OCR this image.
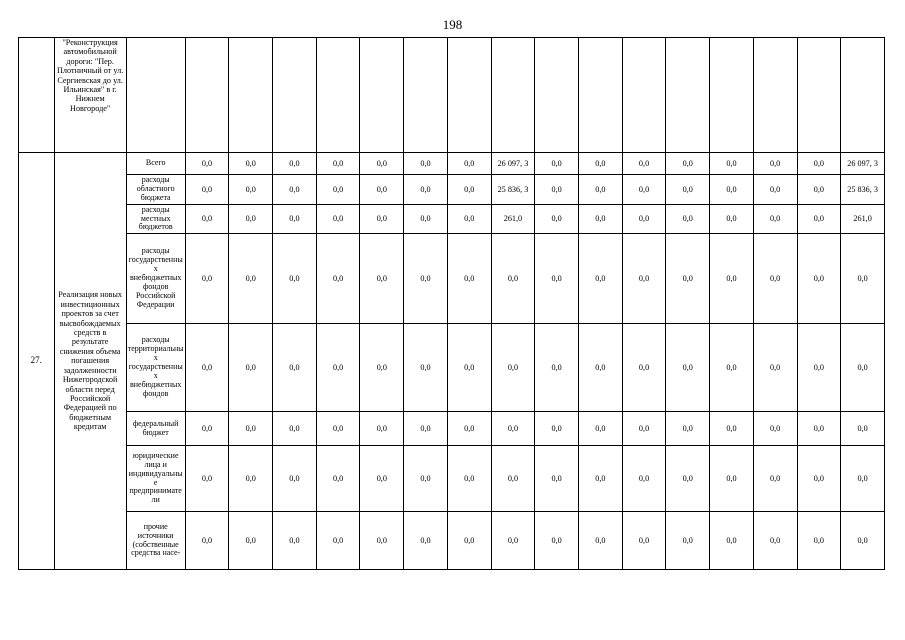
198
	"Реконструкция автомобильной дороги: "Пер. Плотничный от ул. Сергиевская до ул. Ильинская" в г. Нижнем Новгороде"																	
27.	Реализация новых инвестиционных проектов за счет высвобождаемых средств в результате снижения объема погашения задолженности Нижегородской области перед Российской Федерацией по бюджетным кредитам	Всего	0,0	0,0	0,0	0,0	0,0	0,0	0,0	26 097, 3	0,0	0,0	0,0	0,0	0,0	0,0	0,0	26 097, 3
		расходы областного бюджета	0,0	0,0	0,0	0,0	0,0	0,0	0,0	25 836, 3	0,0	0,0	0,0	0,0	0,0	0,0	0,0	25 836, 3
		расходы местных бюджетов	0,0	0,0	0,0	0,0	0,0	0,0	0,0	261,0	0,0	0,0	0,0	0,0	0,0	0,0	0,0	261,0
		расходы государственных внебюджетных фондов Российской Федерации	0,0	0,0	0,0	0,0	0,0	0,0	0,0	0,0	0,0	0,0	0,0	0,0	0,0	0,0	0,0	0,0
		расходы территориальных государственных внебюджетных фондов	0,0	0,0	0,0	0,0	0,0	0,0	0,0	0,0	0,0	0,0	0,0	0,0	0,0	0,0	0,0	0,0
		федеральный бюджет	0,0	0,0	0,0	0,0	0,0	0,0	0,0	0,0	0,0	0,0	0,0	0,0	0,0	0,0	0,0	0,0
		юридические лица и индивидуальные предприниматели	0,0	0,0	0,0	0,0	0,0	0,0	0,0	0,0	0,0	0,0	0,0	0,0	0,0	0,0	0,0	0,0
		прочие источники (собственные средства насе-	0,0	0,0	0,0	0,0	0,0	0,0	0,0	0,0	0,0	0,0	0,0	0,0	0,0	0,0	0,0	0,0
